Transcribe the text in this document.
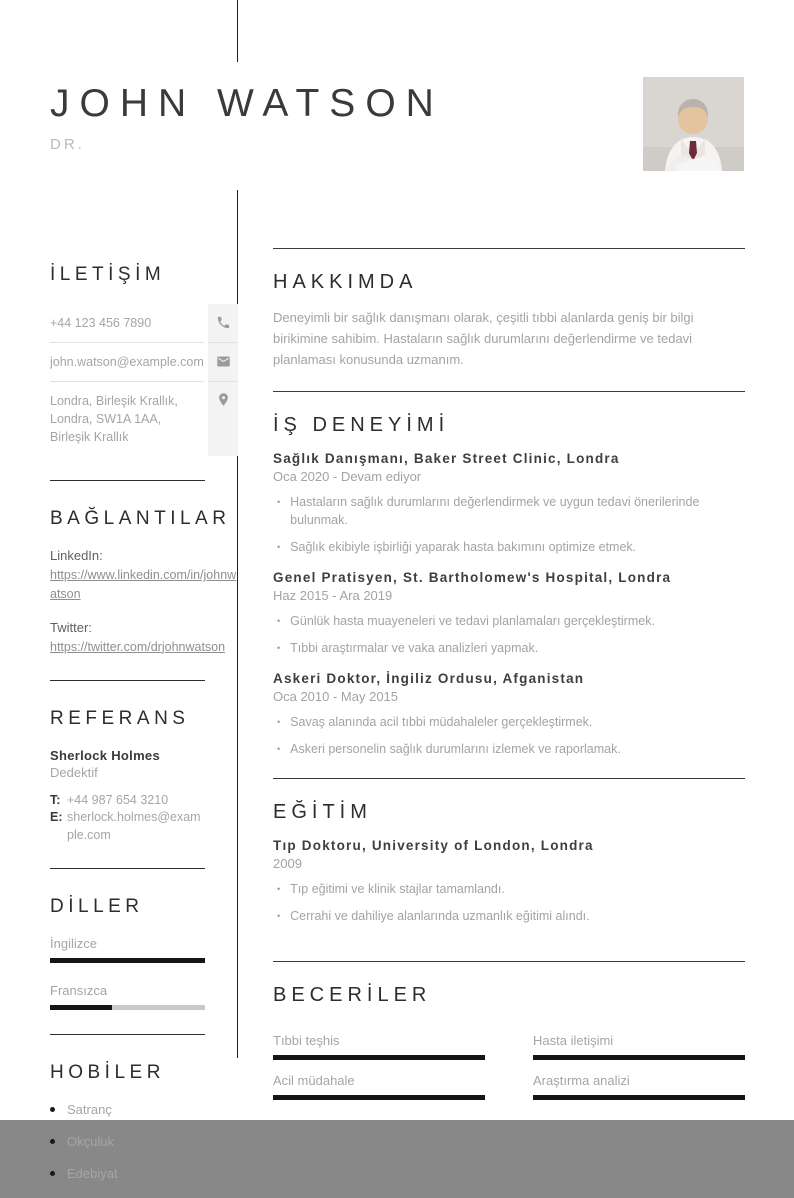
JOHN WATSON
DR.
İLETİŞİM
+44 123 456 7890
john.watson@example.com
Londra, Birleşik Krallık, Londra, SW1A 1AA, Birleşik Krallık
BAĞLANTILAR
LinkedIn:
https://www.linkedin.com/in/johnwatson
Twitter:
https://twitter.com/drjohnwatson
REFERANS
Sherlock Holmes
Dedektif
T: +44 987 654 3210
E: sherlock.holmes@example.com
DİLLER
İngilizce
Fransızca
HOBİLER
Satranç
Okçuluk
Edebiyat
HAKKIMDA

Deneyimli bir sağlık danışmanı olarak, çeşitli tıbbi alanlarda geniş bir bilgi birikimine sahibim. Hastaların sağlık durumlarını değerlendirme ve tedavi planlaması konusunda uzmanım.

İŞ DENEYİMİ
Sağlık Danışmanı, Baker Street Clinic, Londra
Oca 2020 - Devam ediyor
• Hastaların sağlık durumlarını değerlendirmek ve uygun tedavi önerilerinde bulunmak.
• Sağlık ekibiyle işbirliği yaparak hasta bakımını optimize etmek.
Genel Pratisyen, St. Bartholomew's Hospital, Londra
Haz 2015 - Ara 2019
• Günlük hasta muayeneleri ve tedavi planlamaları gerçekleştirmek.
• Tıbbi araştırmalar ve vaka analizleri yapmak.
Askeri Doktor, İngiliz Ordusu, Afganistan
Oca 2010 - May 2015
• Savaş alanında acil tıbbi müdahaleler gerçekleştirmek.
• Askeri personelin sağlık durumlarını izlemek ve raporlamak.
EĞİTİM
Tıp Doktoru, University of London, Londra
2009
• Tıp eğitimi ve klinik stajlar tamamlandı.
• Cerrahi ve dahiliye alanlarında uzmanlık eğitimi alındı.
BECERİLER
Tıbbi teşhis	Hasta iletişimi
Acil müdahale	Araştırma analizi
